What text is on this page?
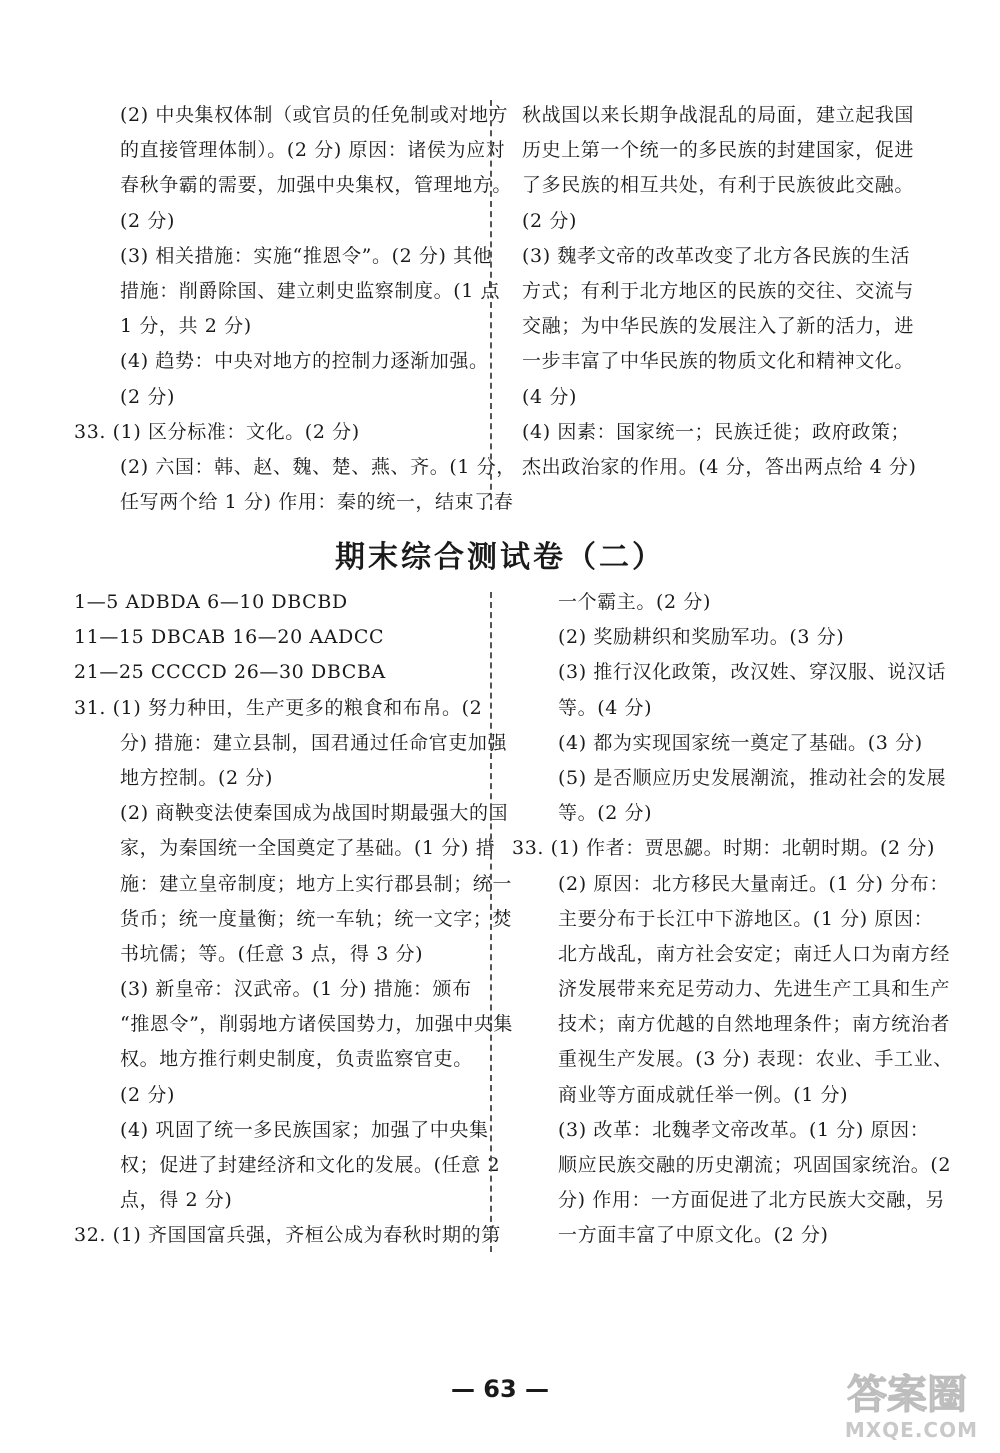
(2) 中央集权体制（或官员的任免制或对地方
的直接管理体制）。(2 分) 原因：诸侯为应对
春秋争霸的需要，加强中央集权，管理地方。
(2 分)
(3) 相关措施：实施“推恩令”。(2 分) 其他
措施：削爵除国、建立刺史监察制度。(1 点
1 分，共 2 分)
(4) 趋势：中央对地方的控制力逐渐加强。
(2 分)
33. (1) 区分标准：文化。(2 分)
(2) 六国：韩、赵、魏、楚、燕、齐。(1 分，
任写两个给 1 分) 作用：秦的统一，结束了春
秋战国以来长期争战混乱的局面，建立起我国
历史上第一个统一的多民族的封建国家，促进
了多民族的相互共处，有利于民族彼此交融。
(2 分)
(3) 魏孝文帝的改革改变了北方各民族的生活
方式；有利于北方地区的民族的交往、交流与
交融；为中华民族的发展注入了新的活力，进
一步丰富了中华民族的物质文化和精神文化。
(4 分)
(4) 因素：国家统一；民族迁徙；政府政策；
杰出政治家的作用。(4 分，答出两点给 4 分)
期末综合测试卷（二）
1—5 ADBDA 6—10 DBCBD
11—15 DBCAB 16—20 AADCC
21—25 CCCCD 26—30 DBCBA
31. (1) 努力种田，生产更多的粮食和布帛。(2
分) 措施：建立县制，国君通过任命官吏加强
地方控制。(2 分)
(2) 商鞅变法使秦国成为战国时期最强大的国
家，为秦国统一全国奠定了基础。(1 分) 措
施：建立皇帝制度；地方上实行郡县制；统一
货币；统一度量衡；统一车轨；统一文字；焚
书坑儒；等。(任意 3 点，得 3 分)
(3) 新皇帝：汉武帝。(1 分) 措施：颁布
“推恩令”，削弱地方诸侯国势力，加强中央集
权。地方推行刺史制度，负责监察官吏。
(2 分)
(4) 巩固了统一多民族国家；加强了中央集
权；促进了封建经济和文化的发展。(任意 2
点，得 2 分)
32. (1) 齐国国富兵强，齐桓公成为春秋时期的第
一个霸主。(2 分)
(2) 奖励耕织和奖励军功。(3 分)
(3) 推行汉化政策，改汉姓、穿汉服、说汉话
等。(4 分)
(4) 都为实现国家统一奠定了基础。(3 分)
(5) 是否顺应历史发展潮流，推动社会的发展
等。(2 分)
33. (1) 作者：贾思勰。时期：北朝时期。(2 分)
(2) 原因：北方移民大量南迁。(1 分) 分布：
主要分布于长江中下游地区。(1 分) 原因：
北方战乱，南方社会安定；南迁人口为南方经
济发展带来充足劳动力、先进生产工具和生产
技术；南方优越的自然地理条件；南方统治者
重视生产发展。(3 分) 表现：农业、手工业、
商业等方面成就任举一例。(1 分)
(3) 改革：北魏孝文帝改革。(1 分) 原因：
顺应民族交融的历史潮流；巩固国家统治。(2
分) 作用：一方面促进了北方民族大交融，另
一方面丰富了中原文化。(2 分)
— 63 —	答案圈
MXQE.COM
